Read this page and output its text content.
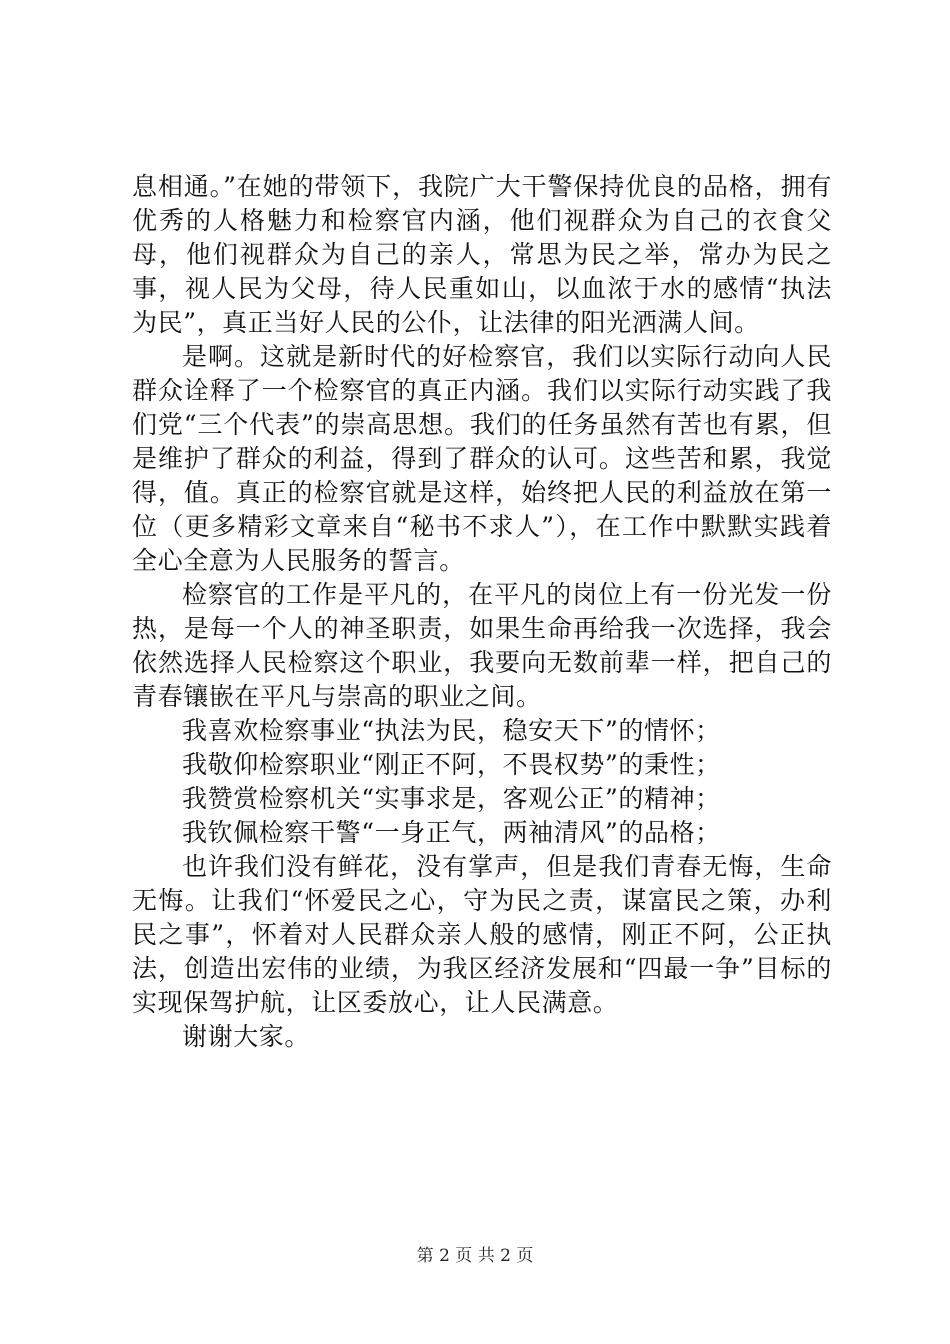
息相通。”在她的带领下，我院广大干警保持优良的品格，拥有优秀的人格魅力和检察官内涵，他们视群众为自己的衣食父母，他们视群众为自己的亲人，常思为民之举，常办为民之事，视人民为父母，待人民重如山，以血浓于水的感情“执法为民”，真正当好人民的公仆，让法律的阳光洒满人间。

是啊。这就是新时代的好检察官，我们以实际行动向人民群众诠释了一个检察官的真正内涵。我们以实际行动实践了我们党“三个代表”的崇高思想。我们的任务虽然有苦也有累，但是维护了群众的利益，得到了群众的认可。这些苦和累，我觉得，值。真正的检察官就是这样，始终把人民的利益放在第一位（更多精彩文章来自“秘书不求人”），在工作中默默实践着全心全意为人民服务的誓言。

检察官的工作是平凡的，在平凡的岗位上有一份光发一份热，是每一个人的神圣职责，如果生命再给我一次选择，我会依然选择人民检察这个职业，我要向无数前辈一样，把自己的青春镶嵌在平凡与崇高的职业之间。

我喜欢检察事业“执法为民，稳安天下”的情怀；

我敬仰检察职业“刚正不阿，不畏权势”的秉性；

我赞赏检察机关“实事求是，客观公正”的精神；

我钦佩检察干警“一身正气，两袖清风”的品格；

也许我们没有鲜花，没有掌声，但是我们青春无悔，生命无悔。让我们“怀爱民之心，守为民之责，谋富民之策，办利民之事”，怀着对人民群众亲人般的感情，刚正不阿，公正执法，创造出宏伟的业绩，为我区经济发展和“四最一争”目标的实现保驾护航，让区委放心，让人民满意。

谢谢大家。

第 2 页 共 2 页
